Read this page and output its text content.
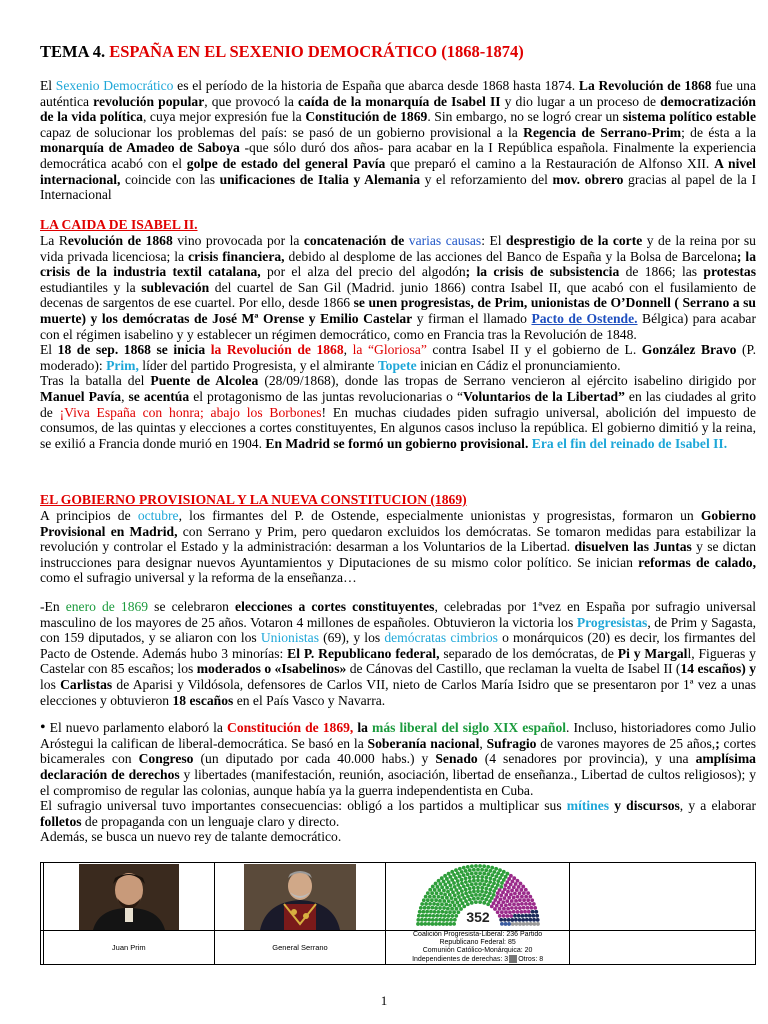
TEMA 4. ESPAÑA EN EL SEXENIO DEMOCRÁTICO (1868-1874)

El Sexenio Democrático es el período de la historia de España que abarca desde 1868 hasta 1874. La Revolución de 1868 fue una auténtica revolución popular, que provocó la caída de la monarquía de Isabel II y dio lugar a un proceso de democratización de la vida política, cuya mejor expresión fue la Constitución de 1869. Sin embargo, no se logró crear un sistema político estable capaz de solucionar los problemas del país: se pasó de un gobierno provisional a la Regencia de Serrano-Prim; de ésta a la monarquía de Amadeo de Saboya -que sólo duró dos años- para acabar en la I República española. Finalmente la experiencia democrática acabó con el golpe de estado del general Pavía que preparó el camino a la Restauración de Alfonso XII. A nivel internacional, coincide con las unificaciones de Italia y Alemania y el reforzamiento del mov. obrero gracias al papel de la I Internacional

LA CAIDA DE ISABEL II.

La Revolución de 1868 vino provocada por la concatenación de varias causas: El desprestigio de la corte y de la reina por su vida privada licenciosa; la crisis financiera, debido al desplome de las acciones del Banco de España y la Bolsa de Barcelona; la crisis de la industria textil catalana, por el alza del precio del algodón; la crisis de subsistencia de 1866; las protestas estudiantiles y la sublevación del cuartel de San Gil (Madrid. junio 1866) contra Isabel II, que acabó con el fusilamiento de decenas de sargentos de ese cuartel. Por ello, desde 1866 se unen progresistas, de Prim, unionistas de O’Donnell ( Serrano a su muerte) y los demócratas de José Mª Orense y Emilio Castelar y firman el llamado Pacto de Ostende. Bélgica) para acabar con el régimen isabelino y y establecer un régimen democrático, como en Francia tras la Revolución de 1848.

El 18 de sep. 1868 se inicia la Revolución de 1868, la “Gloriosa” contra Isabel II y el gobierno de L. González Bravo (P. moderado): Prim, líder del partido Progresista, y el almirante Topete inician en Cádiz el pronunciamiento.

Tras la batalla del Puente de Alcolea (28/09/1868), donde las tropas de Serrano vencieron al ejército isabelino dirigido por Manuel Pavía, se acentúa el protagonismo de las juntas revolucionarias o “Voluntarios de la Libertad” en las ciudades al grito de ¡Viva España con honra; abajo los Borbones! En muchas ciudades piden sufragio universal, abolición del impuesto de consumos, de las quintas y elecciones a cortes constituyentes, En algunos casos incluso la república. El gobierno dimitió y la reina, se exilió a Francia donde murió en 1904. En Madrid se formó un gobierno provisional. Era el fin del reinado de Isabel II.

EL GOBIERNO PROVISIONAL Y LA NUEVA CONSTITUCION (1869)

A principios de octubre, los firmantes del P. de Ostende, especialmente unionistas y progresistas, formaron un Gobierno Provisional en Madrid, con Serrano y Prim, pero quedaron excluidos los demócratas. Se tomaron medidas para estabilizar la revolución y controlar el Estado y la administración: desarman a los Voluntarios de la Libertad. disuelven las Juntas y se dictan instrucciones para designar nuevos Ayuntamientos y Diputaciones de su mismo color político. Se inician reformas de calado, como el sufragio universal y la reforma de la enseñanza…

-En enero de 1869 se celebraron elecciones a cortes constituyentes, celebradas por 1ªvez en España por sufragio universal masculino de los mayores de 25 años. Votaron 4 millones de españoles. Obtuvieron la victoria los Progresistas, de Prim y Sagasta, con 159 diputados, y se aliaron con los Unionistas (69), y los demócratas cimbrios o monárquicos (20) es decir, los firmantes del Pacto de Ostende. Además hubo 3 minorías: El P. Republicano federal, separado de los demócratas, de Pi y Margall, Figueras y Castelar con 85 escaños; los moderados o «Isabelinos» de Cánovas del Castillo, que reclaman la vuelta de Isabel II (14 escaños) y los Carlistas de Aparisi y Vildósola, defensores de Carlos VII, nieto de Carlos María Isidro que se presentaron por 1ª vez a unas elecciones y obtuvieron 18 escaños en el País Vasco y Navarra.

• El nuevo parlamento elaboró la Constitución de 1869, la más liberal del siglo XIX español. Incluso, historiadores como Julio Aróstegui la califican de liberal-democrática. Se basó en la Soberanía nacional, Sufragio de varones mayores de 25 años,; cortes bicamerales con Congreso (un diputado por cada 40.000 habs.) y Senado (4 senadores por provincia), y una amplísima declaración de derechos y libertades (manifestación, reunión, asociación, libertad de enseñanza., Libertad de cultos religiosos); y el compromiso de regular las colonias, aunque había ya la guerra independentista en Cuba.

El sufragio universal tuvo importantes consecuencias: obligó a los partidos a multiplicar sus mítines y discursos, y a elaborar folletos de propaganda con un lenguaje claro y directo.

Además, se busca un nuevo rey de talante democrático.

352	

	Juan Prim	General Serrano	Coalición Progresista-Liberal: 236 Partido
Republicano Federal: 85
Comunión Católico-Monárquica: 20
Independientes de derechas: 3 Otros: 8	

1
